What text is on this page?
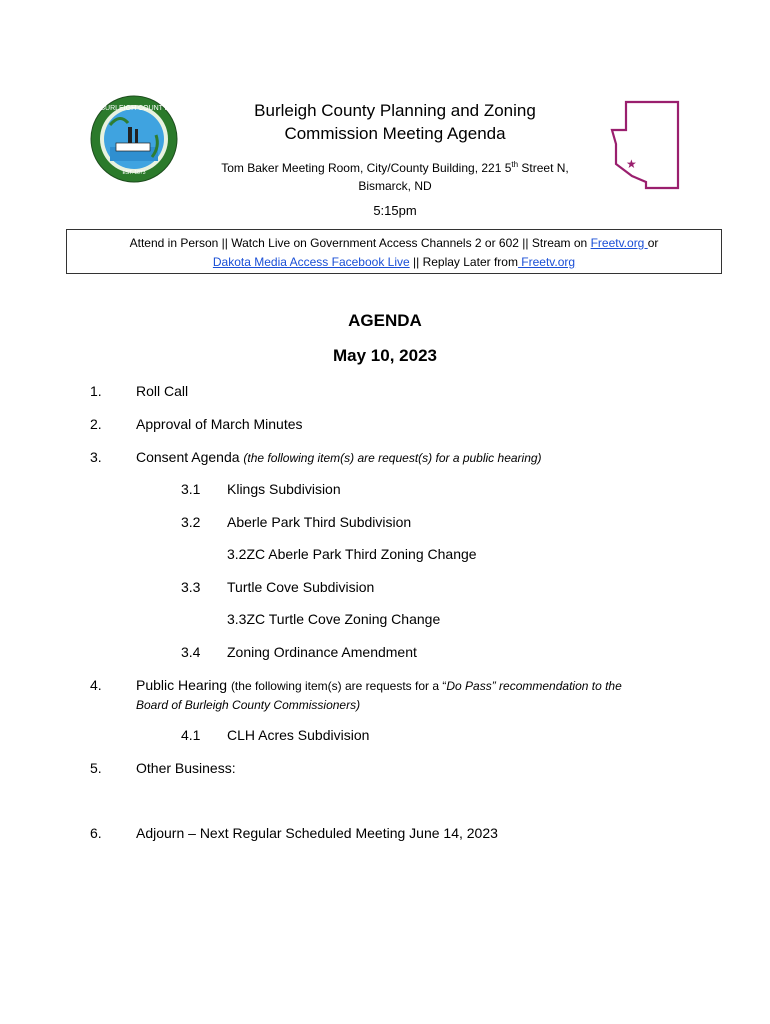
BURLEIGH COUNTY
EST. 1873
★
Burleigh County Planning and Zoning
Commission Meeting Agenda
Tom Baker Meeting Room, City/County Building, 221 5th Street N,
Bismarck, ND
5:15pm
Attend in Person || Watch Live on Government Access Channels 2 or 602 || Stream on Freetv.org or
Dakota Media Access Facebook Live || Replay Later from Freetv.org
AGENDA
May 10, 2023
1. Roll Call
2. Approval of March Minutes
3. Consent Agenda (the following item(s) are request(s) for a public hearing)
3.1 Klings Subdivision
3.2 Aberle Park Third Subdivision
3.2ZC Aberle Park Third Zoning Change
3.3 Turtle Cove Subdivision
3.3ZC Turtle Cove Zoning Change
3.4 Zoning Ordinance Amendment
4. Public Hearing (the following item(s) are requests for a “Do Pass” recommendation to the
Board of Burleigh County Commissioners)
4.1 CLH Acres Subdivision
5. Other Business:
6. Adjourn – Next Regular Scheduled Meeting June 14, 2023
